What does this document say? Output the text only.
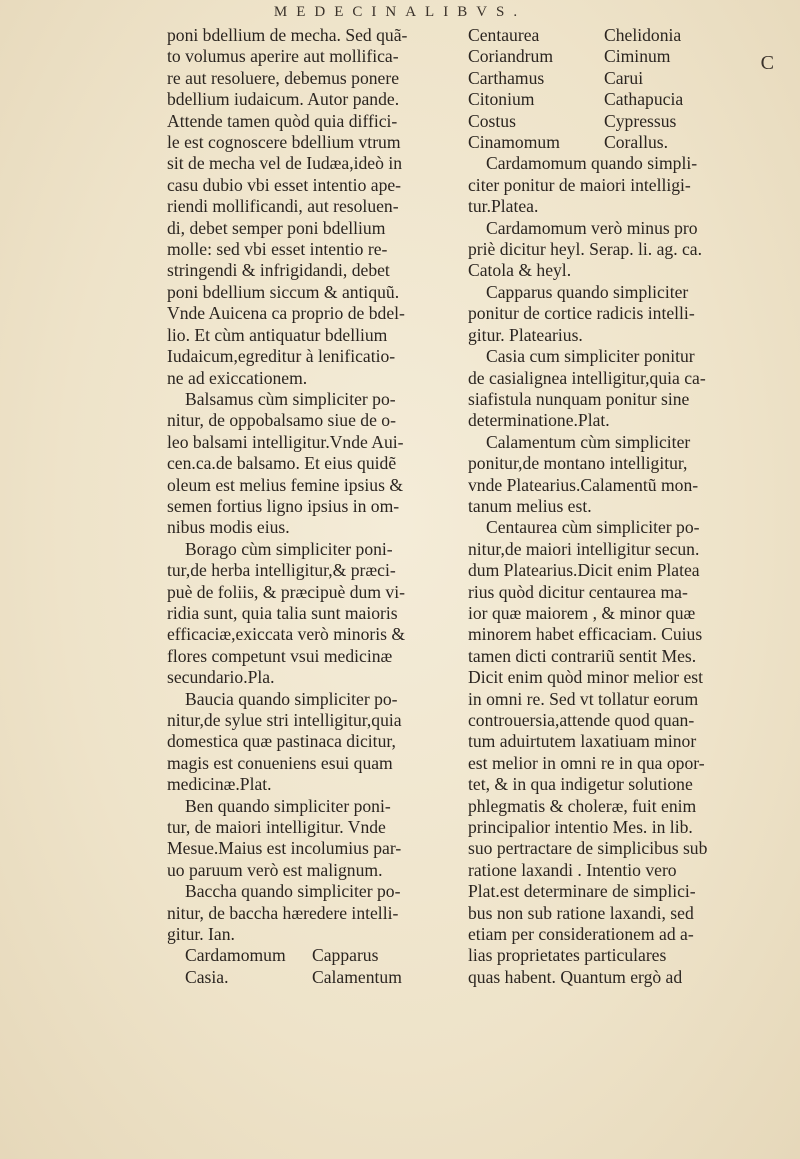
MEDECINALIBVS.
C
poni bdellium de mecha. Sed quã-
to volumus aperire aut mollifica-
re aut resoluere, debemus ponere
bdellium iudaicum. Autor pande.
Attende tamen quòd quia diffici-
le est cognoscere bdellium vtrum
sit de mecha vel de Iudæa,ideò in
casu dubio vbi esset intentio ape-
riendi mollificandi, aut resoluen-
di, debet semper poni bdellium
molle: sed vbi esset intentio re-
stringendi & infrigidandi, debet
poni bdellium siccum & antiquũ.
Vnde Auicena ca proprio de bdel-
lio. Et cùm antiquatur bdellium
Iudaicum,egreditur à lenificatio-
ne ad exiccationem.
Balsamus cùm simpliciter po-
nitur, de oppobalsamo siue de o-
leo balsami intelligitur.Vnde Aui-
cen.ca.de balsamo. Et eius quidẽ
oleum est melius femine ipsius &
semen fortius ligno ipsius in om-
nibus modis eius.
Borago cùm simpliciter poni-
tur,de herba intelligitur,& præci-
puè de foliis, & præcipuè dum vi-
ridia sunt, quia talia sunt maioris
efficaciæ,exiccata verò minoris &
flores competunt vsui medicinæ
secundario.Pla.
Baucia quando simpliciter po-
nitur,de sylue stri intelligitur,quia
domestica quæ pastinaca dicitur,
magis est conueniens esui quam
medicinæ.Plat.
Ben quando simpliciter poni-
tur, de maiori intelligitur. Vnde
Mesue.Maius est incolumius par-
uo paruum verò est malignum.
Baccha quando simpliciter po-
nitur, de baccha hæredere intelli-
gitur. Ian.
Cardamomum	Capparus
Casia.	Calamentum
Centaurea	Chelidonia
Coriandrum	Ciminum
Carthamus	Carui
Citonium	Cathapucia
Costus	Cypressus
Cinamomum	Corallus.
Cardamomum quando simpli-
citer ponitur de maiori intelligi-
tur.Platea.
Cardamomum verò minus pro
priè dicitur heyl. Serap. li. ag. ca.
Catola & heyl.
Capparus quando simpliciter
ponitur de cortice radicis intelli-
gitur. Platearius.
Casia cum simpliciter ponitur
de casialignea intelligitur,quia ca-
siafistula nunquam ponitur sine
determinatione.Plat.
Calamentum cùm simpliciter
ponitur,de montano intelligitur,
vnde Platearius.Calamentũ mon-
tanum melius est.
Centaurea cùm simpliciter po-
nitur,de maiori intelligitur secun.
dum Platearius.Dicit enim Platea
rius quòd dicitur centaurea ma-
ior quæ maiorem , & minor quæ
minorem habet efficaciam. Cuius
tamen dicti contrariũ sentit Mes.
Dicit enim quòd minor melior est
in omni re. Sed vt tollatur eorum
controuersia,attende quod quan-
tum aduirtutem laxatiuam minor
est melior in omni re in qua opor-
tet, & in qua indigetur solutione
phlegmatis & choleræ, fuit enim
principalior intentio Mes. in lib.
suo pertractare de simplicibus sub
ratione laxandi . Intentio vero
Plat.est determinare de simplici-
bus non sub ratione laxandi, sed
etiam per considerationem ad a-
lias proprietates particulares
quas habent. Quantum ergò ad
